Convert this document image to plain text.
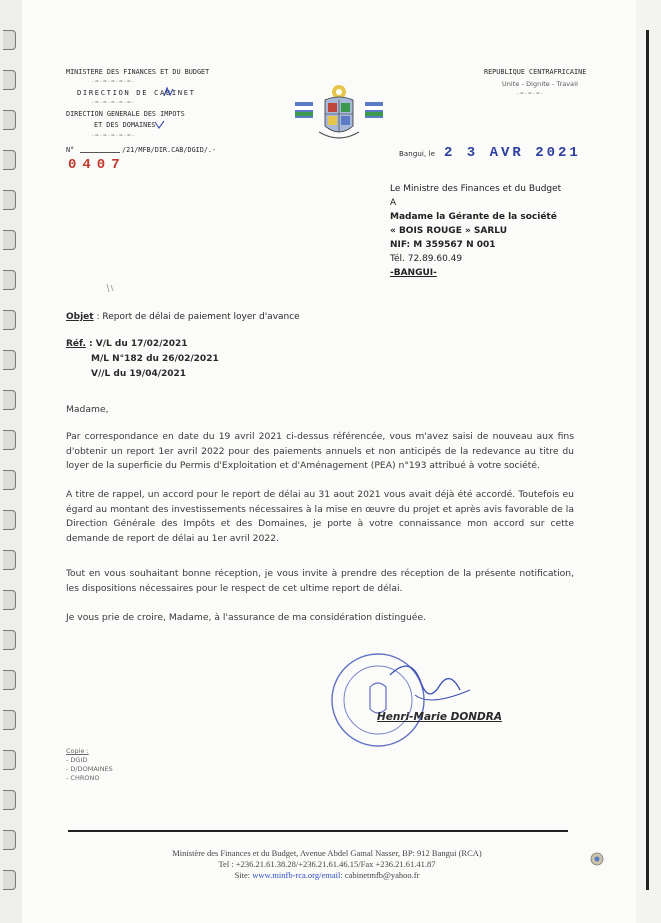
MINISTERE DES FINANCES ET DU BUDGET
-=-=-=-=-=-
DIRECTION DE CABINET
-=-=-=-=-=-
DIRECTION GENERALE DES IMPOTS
ET DES DOMAINES
-=-=-=-=-=-
N°	/21/MFB/DIR.CAB/DGID/.-
0407
REPUBLIQUE CENTRAFRICAINE
Unite - Dignite - Travail
-=-=-=-
Bangui, le 2 3 AVR 2021
Le Ministre des Finances et du Budget
A
Madame la Gérante de la société
« BOIS ROUGE » SARLU
NIF: M 359567 N 001
Tél. 72.89.60.49
-BANGUI-
Objet : Report de délai de paiement loyer d'avance
Réf. : V/L du 17/02/2021
M/L N°182 du 26/02/2021
V//L du 19/04/2021
Madame,
Par correspondance en date du 19 avril 2021 ci-dessus référencée, vous m'avez saisi de nouveau aux fins d'obtenir un report 1er avril 2022 pour des paiements annuels et non anticipés de la redevance au titre du loyer de la superficie du Permis d'Exploitation et d'Aménagement (PEA) n°193 attribué à votre société.
A titre de rappel, un accord pour le report de délai au 31 aout 2021 vous avait déjà été accordé. Toutefois eu égard au montant des investissements nécessaires à la mise en œuvre du projet et après avis favorable de la Direction Générale des Impôts et des Domaines, je porte à votre connaissance mon accord sur cette demande de report de délai au 1er avril 2022.
Tout en vous souhaitant bonne réception, je vous invite à prendre des réception de la présente notification, les dispositions nécessaires pour le respect de cet ultime report de délai.
Je vous prie de croire, Madame, à l'assurance de ma considération distinguée.
Henri-Marie DONDRA
Copie :
- DGID
- D/DOMAINES
- CHRONO
Ministère des Finances et du Budget, Avenue Abdel Gamal Nasser, BP: 912 Bangui (RCA)
Tel : +236.21.61.38.28/+236.21.61.46.15/Fax +236.21.61.41.87
Site: www.minfb-rca.org/email: cabinetmfb@yahoo.fr
